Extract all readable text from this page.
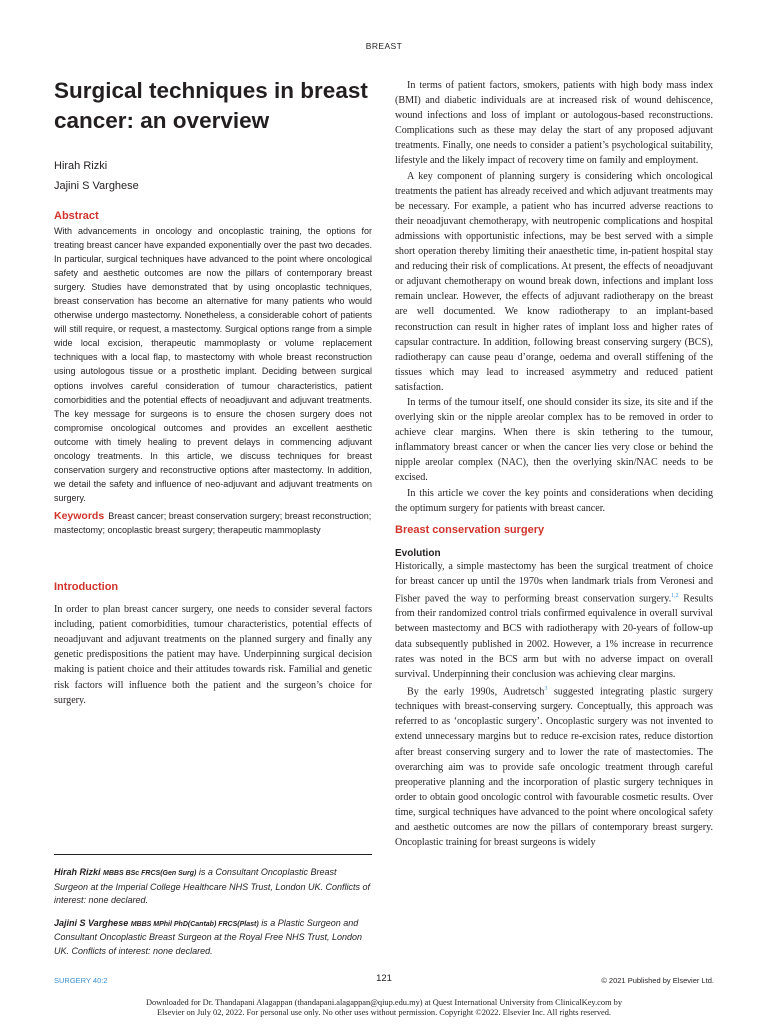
BREAST
Surgical techniques in breast cancer: an overview
Hirah Rizki
Jajini S Varghese
Abstract

With advancements in oncology and oncoplastic training, the options for treating breast cancer have expanded exponentially over the past two decades. In particular, surgical techniques have advanced to the point where oncological safety and aesthetic outcomes are now the pillars of contemporary breast surgery. Studies have demonstrated that by using oncoplastic techniques, breast conservation has become an alternative for many patients who would otherwise undergo mastectomy. Nonetheless, a considerable cohort of patients will still require, or request, a mastectomy. Surgical options range from a simple wide local excision, therapeutic mammoplasty or volume replacement techniques with a local flap, to mastectomy with whole breast reconstruction using autologous tissue or a prosthetic implant. Deciding between surgical options involves careful consideration of tumour characteristics, patient comorbidities and the potential effects of neoadjuvant and adjuvant treatments. The key message for surgeons is to ensure the chosen surgery does not compromise oncological outcomes and provides an excellent aesthetic outcome with timely healing to prevent delays in commencing adjuvant oncology treatments. In this article, we discuss techniques for breast conservation surgery and reconstructive options after mastectomy. In addition, we detail the safety and influence of neo-adjuvant and adjuvant treatments on surgery.

Keywords Breast cancer; breast conservation surgery; breast reconstruction; mastectomy; oncoplastic breast surgery; therapeutic mammoplasty
Introduction

In order to plan breast cancer surgery, one needs to consider several factors including, patient comorbidities, tumour characteristics, potential effects of neoadjuvant and adjuvant treatments on the planned surgery and finally any genetic predispositions the patient may have. Underpinning surgical decision making is patient choice and their attitudes towards risk. Familial and genetic risk factors will influence both the patient and the surgeon’s choice for surgery.

Hirah Rizki MBBS BSc FRCS(Gen Surg) is a Consultant Oncoplastic Breast Surgeon at the Imperial College Healthcare NHS Trust, London UK. Conflicts of interest: none declared.

Jajini S Varghese MBBS MPhil PhD(Cantab) FRCS(Plast) is a Plastic Surgeon and Consultant Oncoplastic Breast Surgeon at the Royal Free NHS Trust, London UK. Conflicts of interest: none declared.

In terms of patient factors, smokers, patients with high body mass index (BMI) and diabetic individuals are at increased risk of wound dehiscence, wound infections and loss of implant or autologous-based reconstructions. Complications such as these may delay the start of any proposed adjuvant treatments. Finally, one needs to consider a patient’s psychological suitability, lifestyle and the likely impact of recovery time on family and employment.

A key component of planning surgery is considering which oncological treatments the patient has already received and which adjuvant treatments may be necessary. For example, a patient who has incurred adverse reactions to their neoadjuvant chemotherapy, with neutropenic complications and hospital admissions with opportunistic infections, may be best served with a simple short operation thereby limiting their anaesthetic time, in-patient hospital stay and reducing their risk of complications. At present, the effects of neoadjuvant or adjuvant chemotherapy on wound break down, infections and implant loss remain unclear. However, the effects of adjuvant radiotherapy on the breast are well documented. We know radiotherapy to an implant-based reconstruction can result in higher rates of implant loss and higher rates of capsular contracture. In addition, following breast conserving surgery (BCS), radiotherapy can cause peau d’orange, oedema and overall stiffening of the tissues which may lead to increased asymmetry and reduced patient satisfaction.

In terms of the tumour itself, one should consider its size, its site and if the overlying skin or the nipple areolar complex has to be removed in order to achieve clear margins. When there is skin tethering to the tumour, inflammatory breast cancer or when the cancer lies very close or behind the nipple areolar complex (NAC), then the overlying skin/NAC needs to be excised.

In this article we cover the key points and considerations when deciding the optimum surgery for patients with breast cancer.

Breast conservation surgery
Evolution

Historically, a simple mastectomy has been the surgical treatment of choice for breast cancer up until the 1970s when landmark trials from Veronesi and Fisher paved the way to performing breast conservation surgery.$^{1,2}$ Results from their randomized control trials confirmed equivalence in overall survival between mastectomy and BCS with radiotherapy with 20-years of follow-up data subsequently published in 2002. However, a 1% increase in recurrence rates was noted in the BCS arm but with no adverse impact on overall survival. Underpinning their conclusion was achieving clear margins.

By the early 1990s, Audretsch$^3$ suggested integrating plastic surgery techniques with breast-conserving surgery. Conceptually, this approach was referred to as ‘oncoplastic surgery’. Oncoplastic surgery was not invented to extend unnecessary margins but to reduce re-excision rates, reduce distortion after breast conserving surgery and to lower the rate of mastectomies. The overarching aim was to provide safe oncologic treatment through careful preoperative planning and the incorporation of plastic surgery techniques in order to obtain good oncologic control with favourable cosmetic results. Over time, surgical techniques have advanced to the point where oncological safety and aesthetic outcomes are now the pillars of contemporary breast surgery. Oncoplastic training for breast surgeons is widely

SURGERY 40:2	121	© 2021 Published by Elsevier Ltd.
Downloaded for Dr. Thandapani Alagappan (thandapani.alagappan@qiup.edu.my) at Quest International University from ClinicalKey.com by
Elsevier on July 02, 2022. For personal use only. No other uses without permission. Copyright ©2022. Elsevier Inc. All rights reserved.
